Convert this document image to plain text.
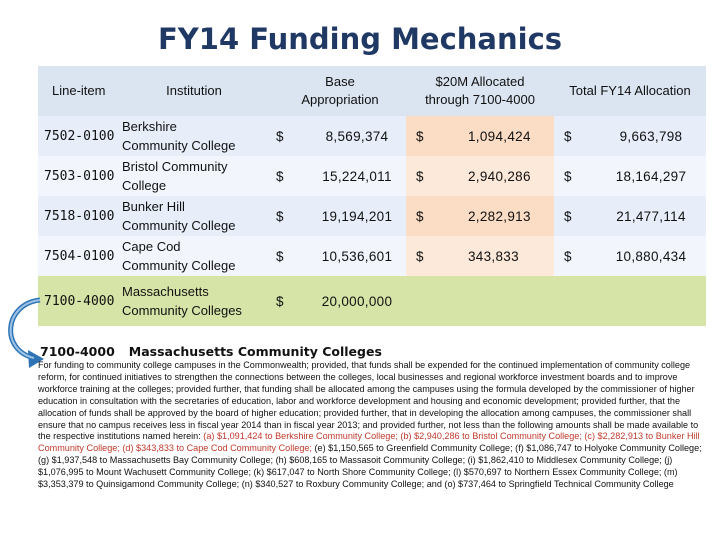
FY14 Funding Mechanics
Line-item	Institution	Base Appropriation	$20M Allocated through 7100-4000	Total FY14 Allocation
7502-0100	Berkshire
Community College	$ 8,569,374	$ 1,094,424	$ 9,663,798

7503-0100	Bristol Community
College	$ 15,224,011	$ 2,940,286	$ 18,164,297

7518-0100	Bunker Hill
Community College	$ 19,194,201	$ 2,282,913	$ 21,477,114

7504-0100	Cape Cod
Community College	$ 10,536,601	$ 343,833	$ 10,880,434

7100-4000	Massachusetts
Community Colleges	$ 20,000,000		

7100-4000 Massachusetts Community Colleges
For funding to community college campuses in the Commonwealth; provided, that funds shall be expended for the continued implementation of community college reform, for continued initiatives to strengthen the connections between the colleges, local businesses and regional workforce investment boards and to improve workforce training at the colleges; provided further, that funding shall be allocated among the campuses using the formula developed by the commissioner of higher education in consultation with the secretaries of education, labor and workforce development and housing and economic development; provided further, that the allocation of funds shall be approved by the board of higher education; provided further, that in developing the allocation among campuses, the commissioner shall ensure that no campus receives less in fiscal year 2014 than in fiscal year 2013; and provided further, not less than the following amounts shall be made available to the respective institutions named herein: (a) $1,091,424 to Berkshire Community College; (b) $2,940,286 to Bristol Community College; (c) $2,282,913 to Bunker Hill Community College; (d) $343,833 to Cape Cod Community College; (e) $1,150,565 to Greenfield Community College; (f) $1,086,747 to Holyoke Community College; (g) $1,937,548 to Massachusetts Bay Community College; (h) $608,165 to Massasoit Community College; (i) $1,862,410 to Middlesex Community College; (j) $1,076,995 to Mount Wachusett Community College; (k) $617,047 to North Shore Community College; (l) $570,697 to Northern Essex Community College; (m) $3,353,379 to Quinsigamond Community College; (n) $340,527 to Roxbury Community College; and (o) $737,464 to Springfield Technical Community College
